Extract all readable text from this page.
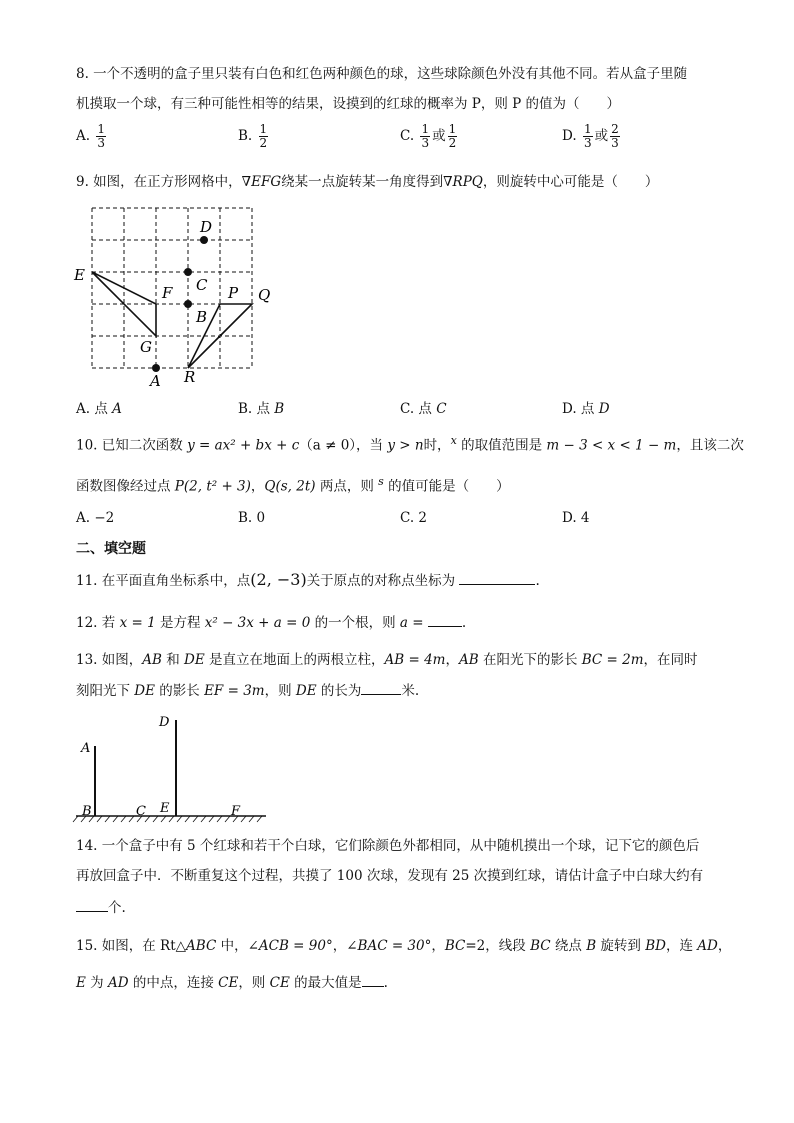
8. 一个不透明的盒子里只装有白色和红色两种颜色的球，这些球除颜色外没有其他不同。若从盒子里随
机摸取一个球，有三种可能性相等的结果，设摸到的红球的概率为 P，则 P 的值为（　　）
A. $\frac{1}{3}$	B. $\frac{1}{2}$	C. $\frac{1}{3}$ 或 $\frac{1}{2}$	D. $\frac{1}{3}$ 或 $\frac{2}{3}$
9. 如图，在正方形网格中，∇EFG绕某一点旋转某一角度得到∇RPQ，则旋转中心可能是（　　）
D
C
E
F	P Q
B
G
A R
A. 点 A	B. 点 B	C. 点 C	D. 点 D
10. 已知二次函数 y = ax² + bx + c（a ≠ 0），当 y > n时，$^x$ 的取值范围是 m − 3 < x < 1 − m，且该二次
函数图像经过点 P(2, t² + 3)，Q(s, 2t) 两点，则 $^s$ 的值可能是（　　）
A. −2	B. 0	C. 2	D. 4
二、填空题
11. 在平面直角坐标系中，点(2, −3)关于原点的对称点坐标为	.
12. 若 x = 1 是方程 x² − 3x + a = 0 的一个根，则 a =	.
13. 如图，AB 和 DE 是直立在地面上的两根立柱，AB = 4m，AB 在阳光下的影长 BC = 2m，在同时
刻阳光下 DE 的影长 EF = 3m，则 DE 的长为	米.
A
B	C
D
E	F
14. 一个盒子中有 5 个红球和若干个白球，它们除颜色外都相同，从中随机摸出一个球，记下它的颜色后
再放回盒子中．不断重复这个过程，共摸了 100 次球，发现有 25 次摸到红球，请估计盒子中白球大约有
个.
15. 如图，在 Rt△ABC 中，∠ACB = 90°，∠BAC = 30°，BC=2，线段 BC 绕点 B 旋转到 BD，连 AD，
E 为 AD 的中点，连接 CE，则 CE 的最大值是 .
